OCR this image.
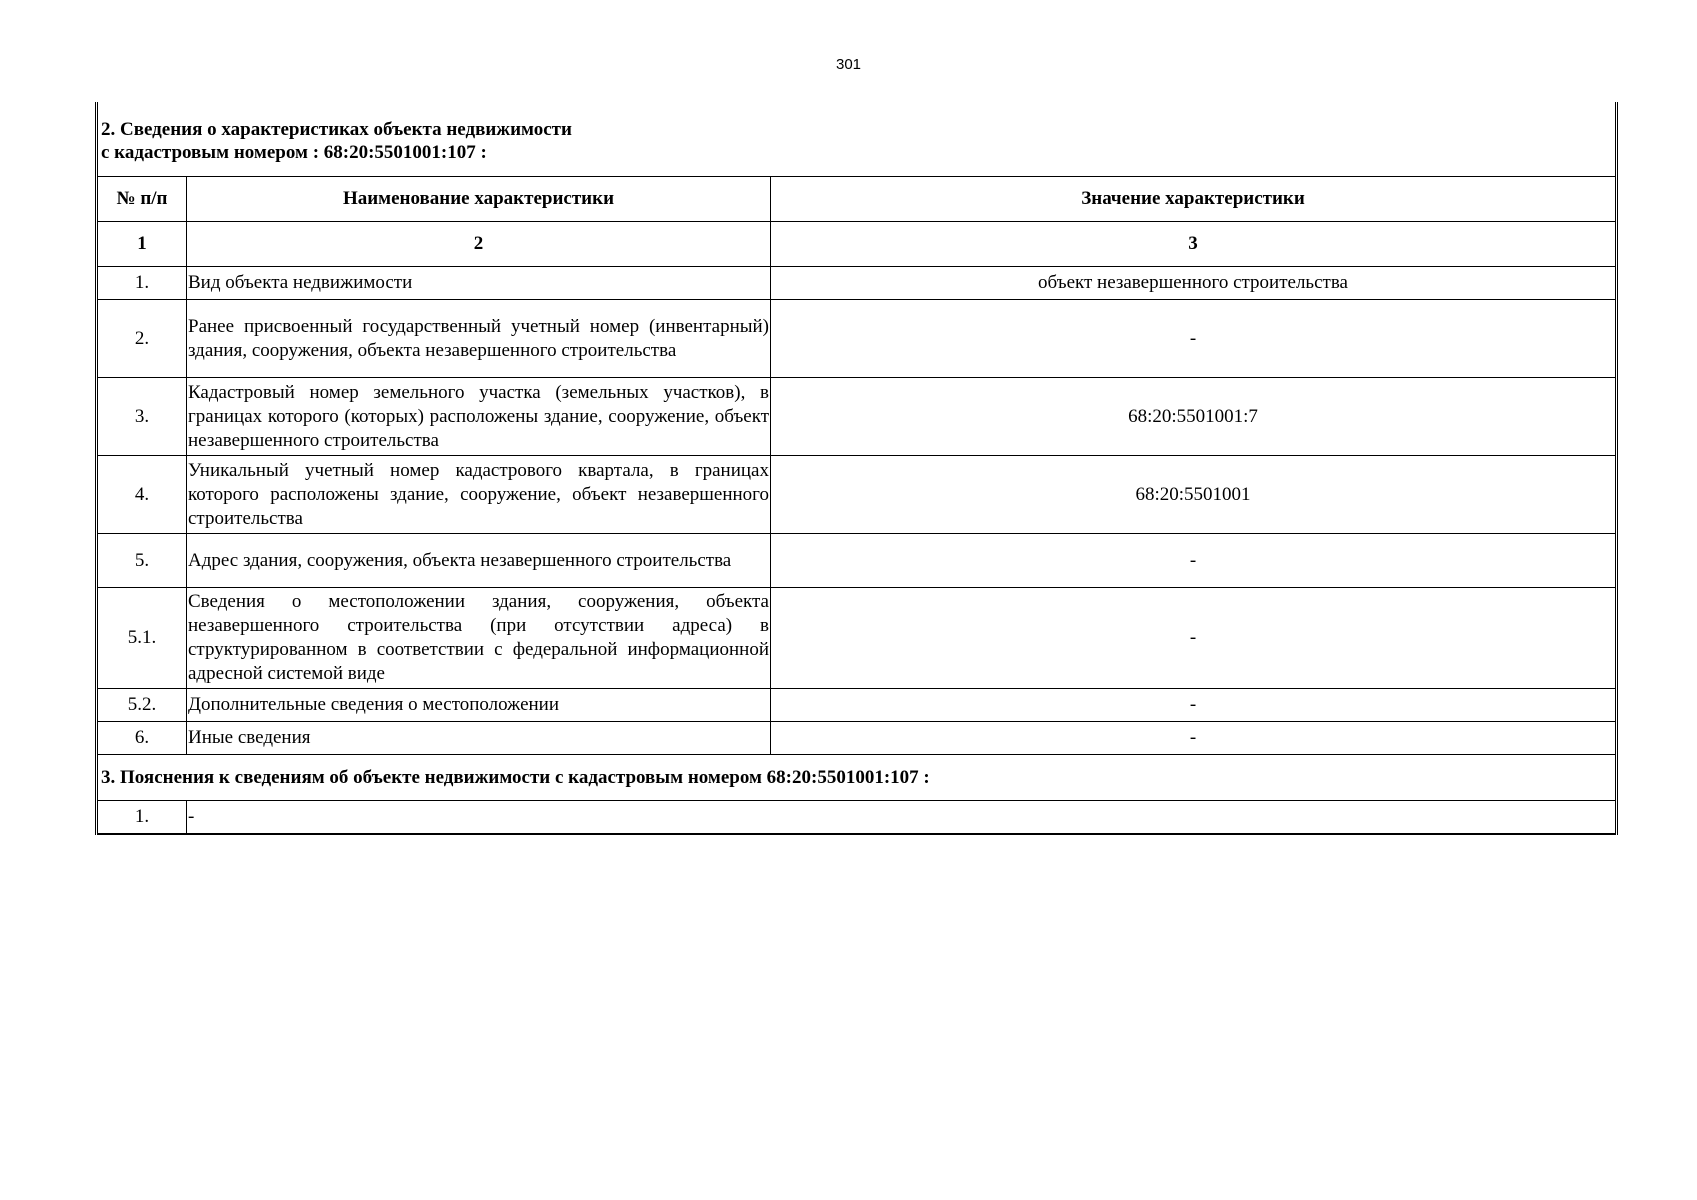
301
2. Сведения о характеристиках объекта недвижимости
с кадастровым номером : 68:20:5501001:107 :		

№ п/п	Наименование характеристики	Значение характеристики
1	2	3
1.	Вид объекта недвижимости	объект незавершенного строительства
2.	Ранее присвоенный государственный учетный номер (инвентарный) здания, сооружения, объекта незавершенного строительства	-
3.	Кадастровый номер земельного участка (земельных участков), в границах которого (которых) расположены здание, сооружение, объект незавершенного строительства	68:20:5501001:7
4.	Уникальный учетный номер кадастрового квартала, в границах которого расположены здание, сооружение, объект незавершенного строительства	68:20:5501001
5.	Адрес здания, сооружения, объекта незавершенного строительства	-
5.1.	Сведения о местоположении здания, сооружения, объекта незавершенного строительства (при отсутствии адреса) в структурированном в соответствии с федеральной информационной адресной системой виде	-
5.2.	Дополнительные сведения о местоположении	-
6.	Иные сведения	-
3. Пояснения к сведениям об объекте недвижимости с кадастровым номером 68:20:5501001:107 :		
1.	-	
